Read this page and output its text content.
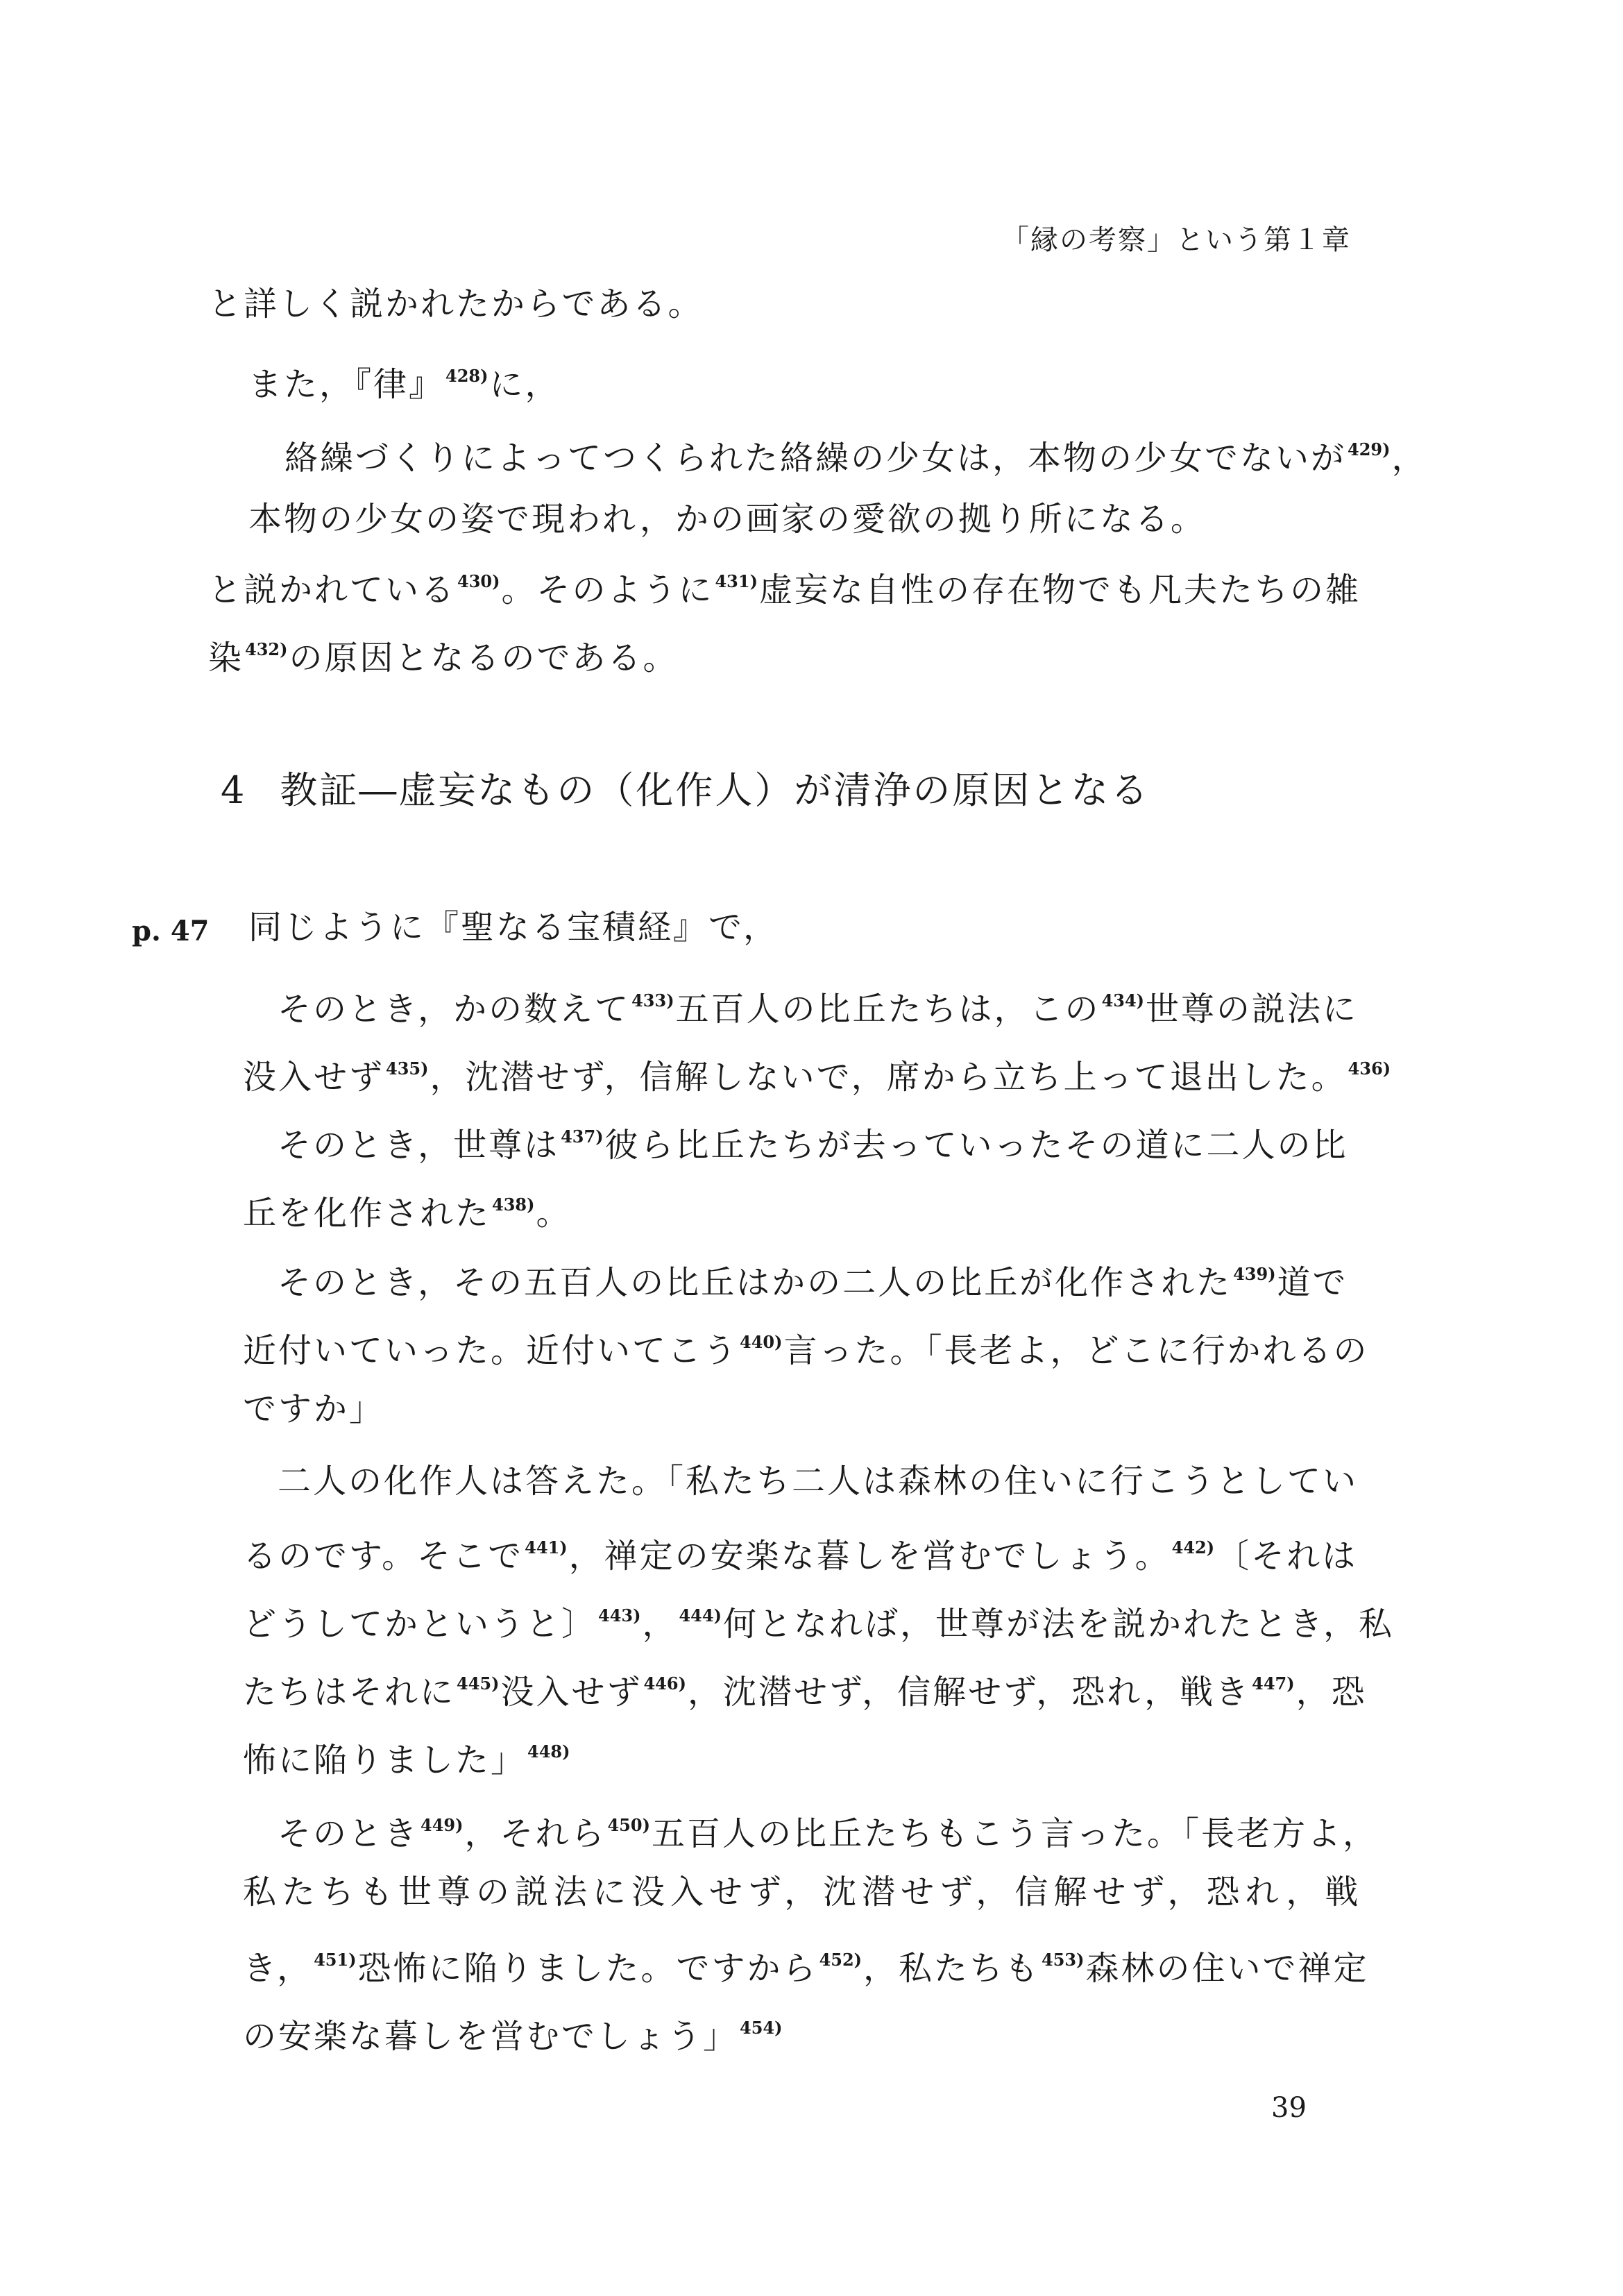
「縁の考察」という第１章
と詳しく説かれたからである。
また，『律』$^{428)}$に，
絡繰づくりによってつくられた絡繰の少女は，本物の少女でないが$^{429)}$，
本物の少女の姿で現われ，かの画家の愛欲の拠り所になる。
と説かれている$^{430)}$。そのように$^{431)}$虚妄な自性の存在物でも凡夫たちの雑
染$^{432)}$の原因となるのである。
4 教証―虚妄なもの（化作人）が清浄の原因となる
p. 47 同じように『聖なる宝積経』で，
そのとき，かの数えて$^{433)}$五百人の比丘たちは，この$^{434)}$世尊の説法に
没入せず$^{435)}$，沈潜せず，信解しないで，席から立ち上って退出した。$^{436)}$
そのとき，世尊は$^{437)}$彼ら比丘たちが去っていったその道に二人の比
丘を化作された$^{438)}$。
そのとき，その五百人の比丘はかの二人の比丘が化作された$^{439)}$道で
近付いていった。近付いてこう$^{440)}$言った。「長老よ，どこに行かれるの
ですか」
二人の化作人は答えた。「私たち二人は森林の住いに行こうとしてい
るのです。そこで$^{441)}$，禅定の安楽な暮しを営むでしょう。$^{442)}$〔それは
どうしてかというと〕$^{443)}$，$^{444)}$何となれば，世尊が法を説かれたとき，私
たちはそれに$^{445)}$没入せず$^{446)}$，沈潜せず，信解せず，恐れ，戦き$^{447)}$，恐
怖に陥りました」$^{448)}$
そのとき$^{449)}$，それら$^{450)}$五百人の比丘たちもこう言った。「長老方よ，
私たちも世尊の説法に没入せず，沈潜せず，信解せず，恐れ，戦
き，$^{451)}$恐怖に陥りました。ですから$^{452)}$，私たちも$^{453)}$森林の住いで禅定
の安楽な暮しを営むでしょう」$^{454)}$
39
